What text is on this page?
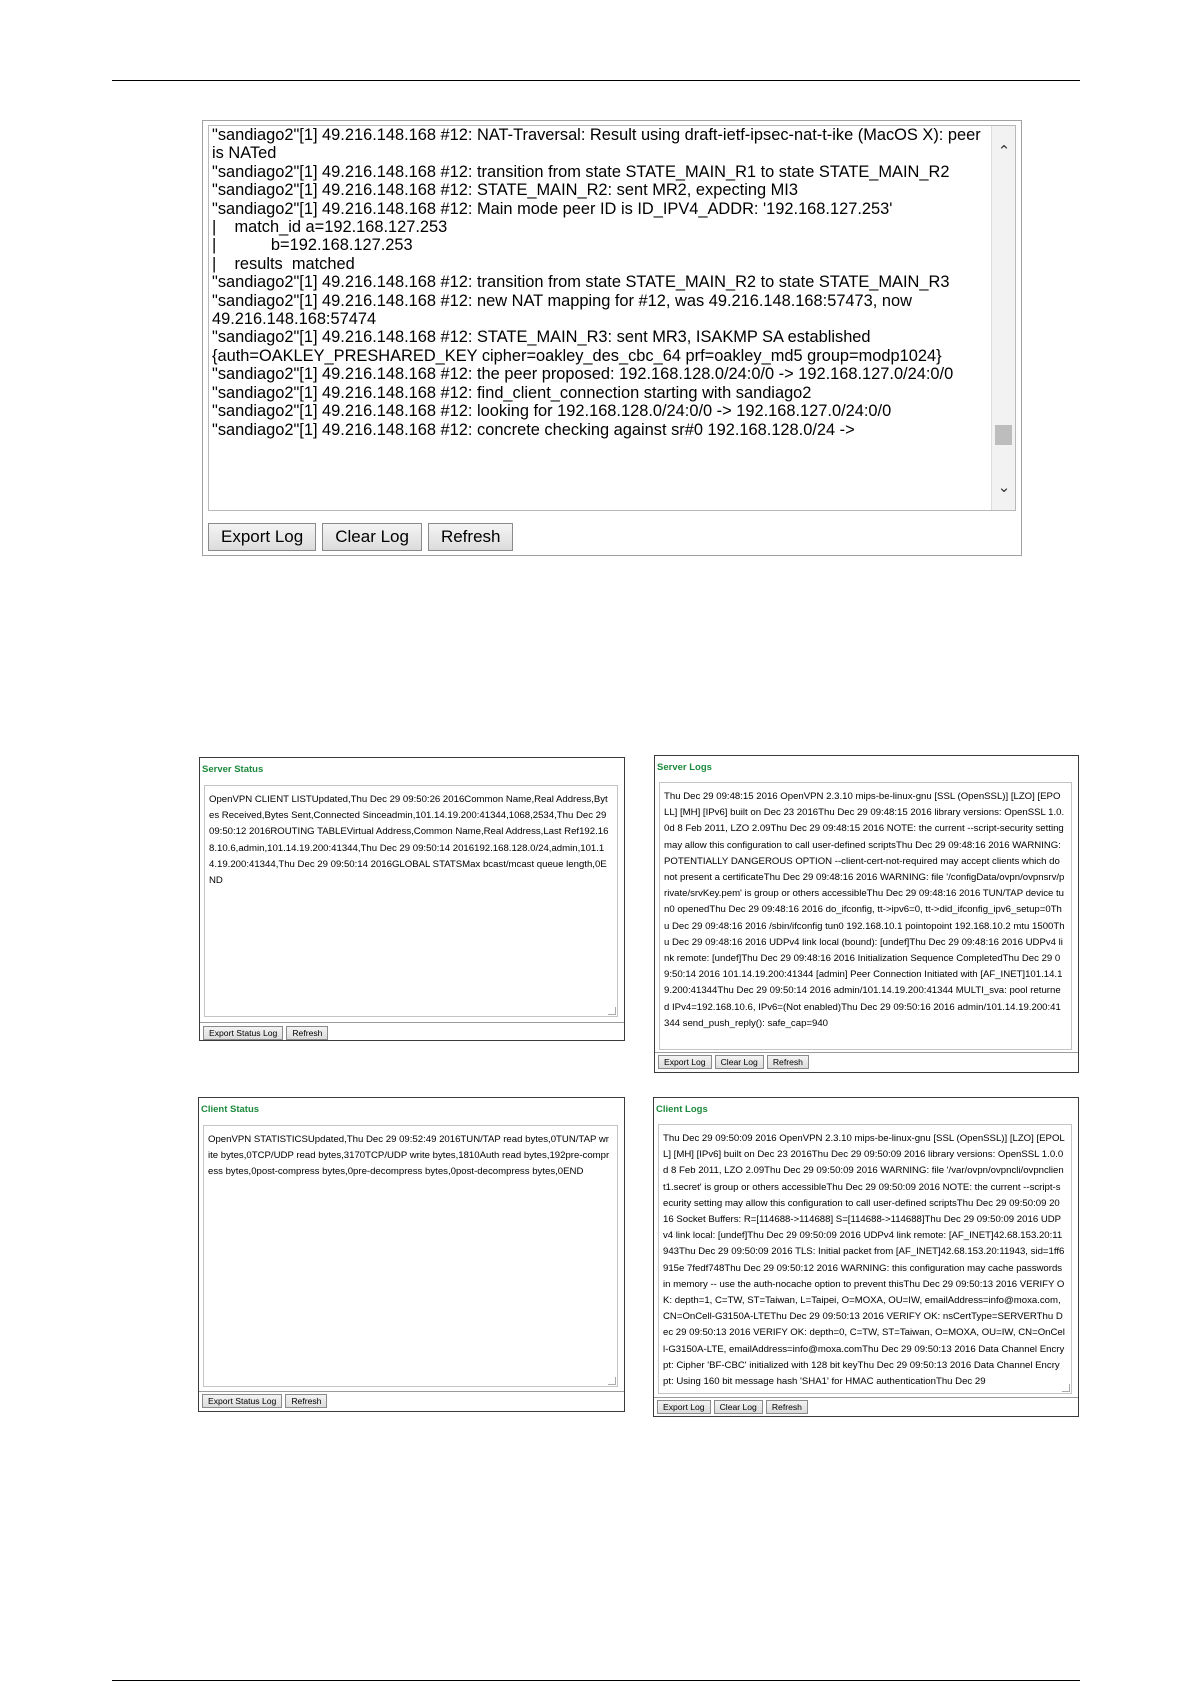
"sandiago2"[1] 49.216.148.168 #12: NAT-Traversal: Result using draft-ietf-ipsec-nat-t-ike (MacOS X): peer is NATed
"sandiago2"[1] 49.216.148.168 #12: transition from state STATE_MAIN_R1 to state STATE_MAIN_R2
"sandiago2"[1] 49.216.148.168 #12: STATE_MAIN_R2: sent MR2, expecting MI3
"sandiago2"[1] 49.216.148.168 #12: Main mode peer ID is ID_IPV4_ADDR: '192.168.127.253'
|    match_id a=192.168.127.253
|            b=192.168.127.253
|    results  matched
"sandiago2"[1] 49.216.148.168 #12: transition from state STATE_MAIN_R2 to state STATE_MAIN_R3
"sandiago2"[1] 49.216.148.168 #12: new NAT mapping for #12, was 49.216.148.168:57473, now 49.216.148.168:57474
"sandiago2"[1] 49.216.148.168 #12: STATE_MAIN_R3: sent MR3, ISAKMP SA established {auth=OAKLEY_PRESHARED_KEY cipher=oakley_des_cbc_64 prf=oakley_md5 group=modp1024}
"sandiago2"[1] 49.216.148.168 #12: the peer proposed: 192.168.128.0/24:0/0 -> 192.168.127.0/24:0/0
"sandiago2"[1] 49.216.148.168 #12: find_client_connection starting with sandiago2
"sandiago2"[1] 49.216.148.168 #12: looking for 192.168.128.0/24:0/0 -> 192.168.127.0/24:0/0
"sandiago2"[1] 49.216.148.168 #12: concrete checking against sr#0 192.168.128.0/24 ->
⌃
⌄
Export Log	Clear Log	Refresh
Server Status
OpenVPN CLIENT LISTUpdated,Thu Dec 29 09:50:26 2016Common Name,Real Address,Bytes Received,Bytes Sent,Connected Sinceadmin,101.14.19.200:41344,1068,2534,Thu Dec 29 09:50:12 2016ROUTING TABLEVirtual Address,Common Name,Real Address,Last Ref192.168.10.6,admin,101.14.19.200:41344,Thu Dec 29 09:50:14 2016192.168.128.0/24,admin,101.14.19.200:41344,Thu Dec 29 09:50:14 2016GLOBAL STATSMax bcast/mcast queue length,0END
Export Status Log	Refresh
Server Logs
Thu Dec 29 09:48:15 2016 OpenVPN 2.3.10 mips-be-linux-gnu [SSL (OpenSSL)] [LZO] [EPOLL] [MH] [IPv6] built on Dec 23 2016Thu Dec 29 09:48:15 2016 library versions: OpenSSL 1.0.0d 8 Feb 2011, LZO 2.09Thu Dec 29 09:48:15 2016 NOTE: the current --script-security setting may allow this configuration to call user-defined scriptsThu Dec 29 09:48:16 2016 WARNING: POTENTIALLY DANGEROUS OPTION --client-cert-not-required may accept clients which do not present a certificateThu Dec 29 09:48:16 2016 WARNING: file '/configData/ovpn/ovpnsrv/private/srvKey.pem' is group or others accessibleThu Dec 29 09:48:16 2016 TUN/TAP device tun0 openedThu Dec 29 09:48:16 2016 do_ifconfig, tt->ipv6=0, tt->did_ifconfig_ipv6_setup=0Thu Dec 29 09:48:16 2016 /sbin/ifconfig tun0 192.168.10.1 pointopoint 192.168.10.2 mtu 1500Thu Dec 29 09:48:16 2016 UDPv4 link local (bound): [undef]Thu Dec 29 09:48:16 2016 UDPv4 link remote: [undef]Thu Dec 29 09:48:16 2016 Initialization Sequence CompletedThu Dec 29 09:50:14 2016 101.14.19.200:41344 [admin] Peer Connection Initiated with [AF_INET]101.14.19.200:41344Thu Dec 29 09:50:14 2016 admin/101.14.19.200:41344 MULTI_sva: pool returned IPv4=192.168.10.6, IPv6=(Not enabled)Thu Dec 29 09:50:16 2016 admin/101.14.19.200:41344 send_push_reply(): safe_cap=940
Export Log	Clear Log	Refresh
Client Status
OpenVPN STATISTICSUpdated,Thu Dec 29 09:52:49 2016TUN/TAP read bytes,0TUN/TAP write bytes,0TCP/UDP read bytes,3170TCP/UDP write bytes,1810Auth read bytes,192pre-compress bytes,0post-compress bytes,0pre-decompress bytes,0post-decompress bytes,0END
Export Status Log	Refresh
Client Logs
Thu Dec 29 09:50:09 2016 OpenVPN 2.3.10 mips-be-linux-gnu [SSL (OpenSSL)] [LZO] [EPOLL] [MH] [IPv6] built on Dec 23 2016Thu Dec 29 09:50:09 2016 library versions: OpenSSL 1.0.0d 8 Feb 2011, LZO 2.09Thu Dec 29 09:50:09 2016 WARNING: file '/var/ovpn/ovpncli/ovpnclient1.secret' is group or others accessibleThu Dec 29 09:50:09 2016 NOTE: the current --script-security setting may allow this configuration to call user-defined scriptsThu Dec 29 09:50:09 2016 Socket Buffers: R=[114688->114688] S=[114688->114688]Thu Dec 29 09:50:09 2016 UDPv4 link local: [undef]Thu Dec 29 09:50:09 2016 UDPv4 link remote: [AF_INET]42.68.153.20:11943Thu Dec 29 09:50:09 2016 TLS: Initial packet from [AF_INET]42.68.153.20:11943, sid=1ff6915e 7fedf748Thu Dec 29 09:50:12 2016 WARNING: this configuration may cache passwords in memory -- use the auth-nocache option to prevent thisThu Dec 29 09:50:13 2016 VERIFY OK: depth=1, C=TW, ST=Taiwan, L=Taipei, O=MOXA, OU=IW, emailAddress=info@moxa.com, CN=OnCell-G3150A-LTEThu Dec 29 09:50:13 2016 VERIFY OK: nsCertType=SERVERThu Dec 29 09:50:13 2016 VERIFY OK: depth=0, C=TW, ST=Taiwan, O=MOXA, OU=IW, CN=OnCell-G3150A-LTE, emailAddress=info@moxa.comThu Dec 29 09:50:13 2016 Data Channel Encrypt: Cipher 'BF-CBC' initialized with 128 bit keyThu Dec 29 09:50:13 2016 Data Channel Encrypt: Using 160 bit message hash 'SHA1' for HMAC authenticationThu Dec 29
Export Log	Clear Log	Refresh
